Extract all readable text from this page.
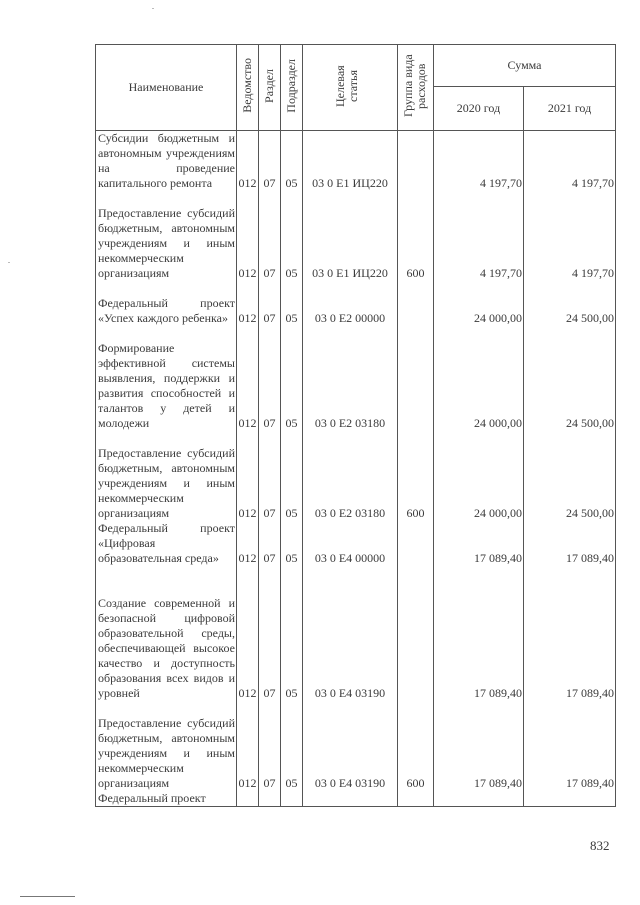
Наименование	Ведомство	Раздел	Подраздел	Целевая статья	Группа вида расходов	Сумма	
						2020 год	2021 год
Субсидии бюджетным и автономным учреждениям на проведение капитального ремонта	012	07	05	03 0 E1 ИЦ220		4 197,70	4 197,70
Предоставление субсидий бюджетным, автономным учреждениям и иным некоммерческим организациям	012	07	05	03 0 E1 ИЦ220	600	4 197,70	4 197,70
Федеральный проект «Успех каждого ребенка»	012	07	05	03 0 E2 00000		24 000,00	24 500,00
Формирование эффективной системы выявления, поддержки и развития способностей и талантов у детей и молодежи	012	07	05	03 0 E2 03180		24 000,00	24 500,00
Предоставление субсидий бюджетным, автономным учреждениям и иным некоммерческим организациям	012	07	05	03 0 E2 03180	600	24 000,00	24 500,00
Федеральный проект «Цифровая образовательная среда»	012	07	05	03 0 E4 00000		17 089,40	17 089,40
Создание современной и безопасной цифровой образовательной среды, обеспечивающей высокое качество и доступность образования всех видов и уровней	012	07	05	03 0 E4 03190		17 089,40	17 089,40
Предоставление субсидий бюджетным, автономным учреждениям и иным некоммерческим организациям	012	07	05	03 0 E4 03190	600	17 089,40	17 089,40
Федеральный проект							
832
